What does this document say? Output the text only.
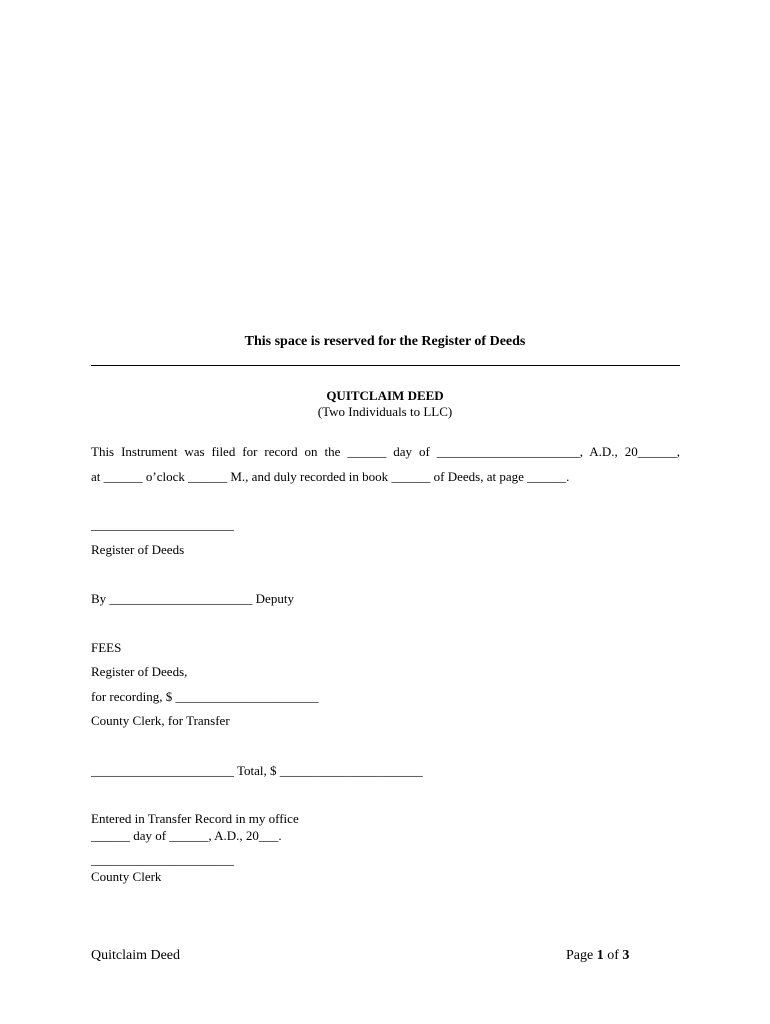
This space is reserved for the Register of Deeds
QUITCLAIM DEED
(Two Individuals to LLC)
This Instrument was filed for record on the ______ day of ______________________, A.D., 20______,
at ______ o’clock ______ M., and duly recorded in book ______ of Deeds, at page ______.
______________________
Register of Deeds
By ______________________ Deputy
FEES
Register of Deeds,
for recording, $ ______________________
County Clerk, for Transfer
______________________ Total, $ ______________________
Entered in Transfer Record in my office
______ day of ______, A.D., 20___.
______________________
County Clerk
Quitclaim Deed	Page 1 of 3
